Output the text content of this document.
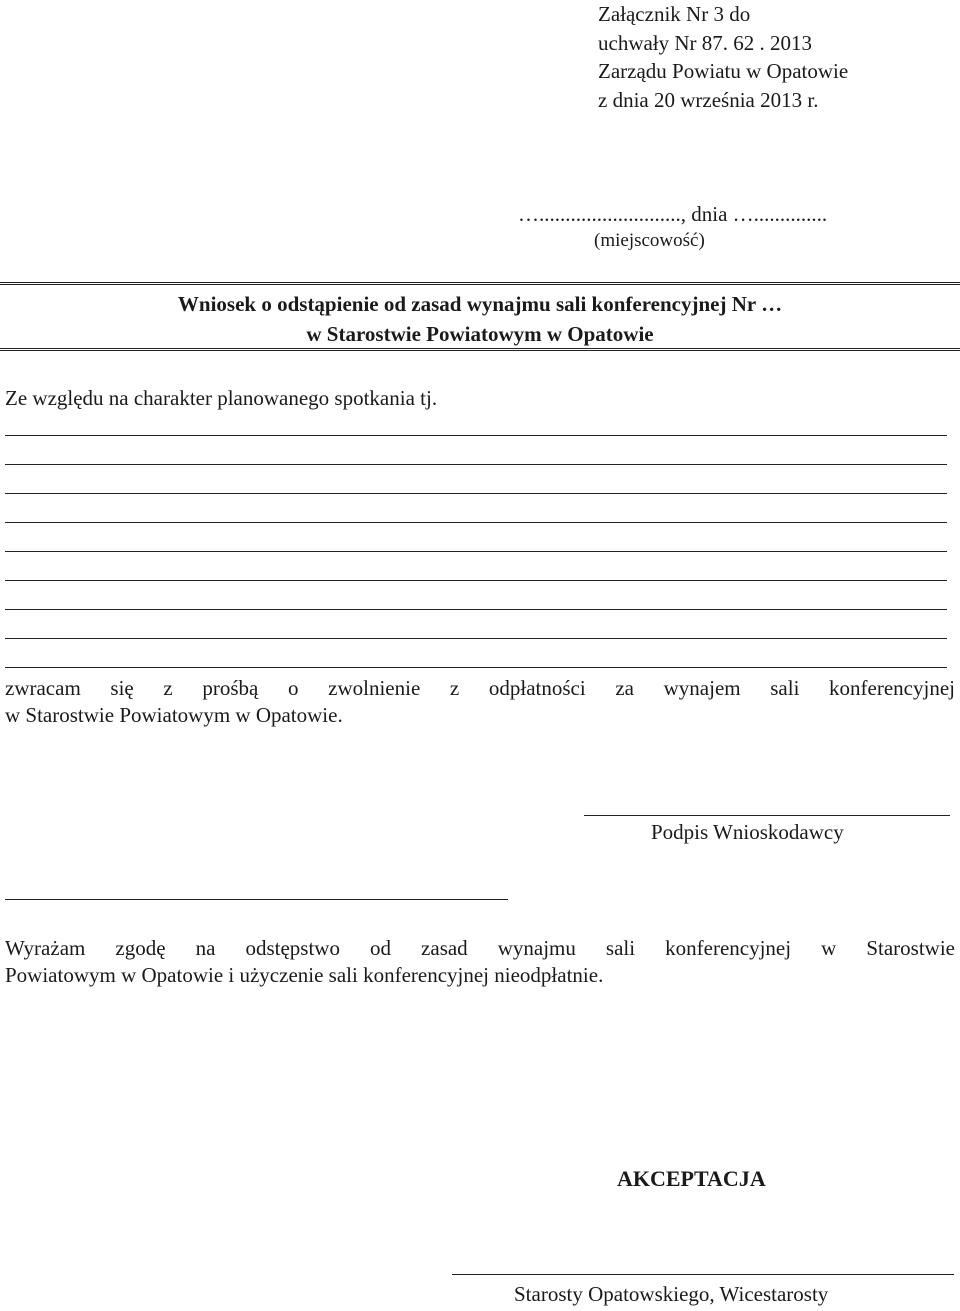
Załącznik Nr 3 do
uchwały Nr 87. 62 . 2013
Zarządu Powiatu w Opatowie
z dnia 20 września 2013 r.
…..........................., dnia …..............
(miejscowość)
Wniosek o odstąpienie od zasad wynajmu sali konferencyjnej Nr …
w Starostwie Powiatowym w Opatowie
Ze względu na charakter planowanego spotkania tj.
zwracam się z prośbą o zwolnienie z odpłatności za wynajem sali konferencyjnej
w Starostwie Powiatowym w Opatowie.
Podpis Wnioskodawcy
Wyrażam zgodę na odstępstwo od zasad wynajmu sali konferencyjnej w Starostwie
Powiatowym w Opatowie i użyczenie sali konferencyjnej nieodpłatnie.
AKCEPTACJA
Starosty Opatowskiego, Wicestarosty
